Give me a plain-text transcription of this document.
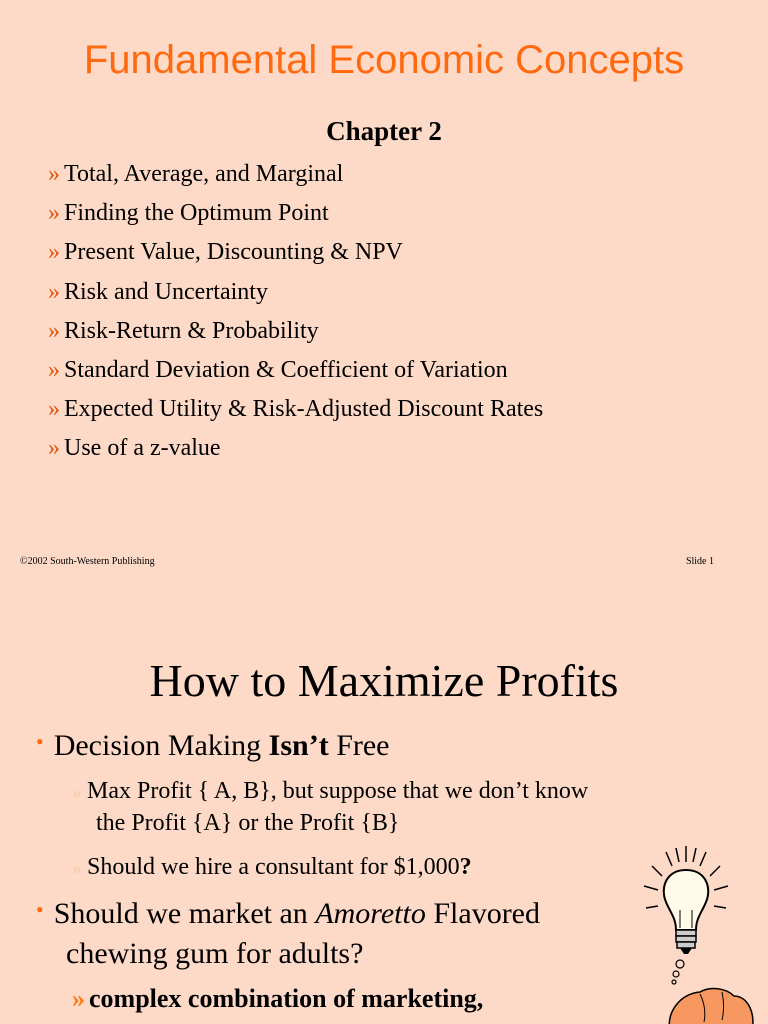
Fundamental Economic Concepts
Chapter 2
» Total, Average, and Marginal
» Finding the Optimum Point
» Present Value, Discounting & NPV
» Risk and Uncertainty
» Risk-Return & Probability
» Standard Deviation & Coefficient of Variation
» Expected Utility & Risk-Adjusted Discount Rates
» Use of a z-value
©2002 South-Western Publishing	Slide 1
How to Maximize Profits
• Decision Making Isn’t Free
» Max Profit { A, B}, but suppose that we don’t know
the Profit {A} or the Profit {B}
» Should we hire a consultant for $1,000?
• Should we market an Amoretto Flavored
chewing gum for adults?
» complex combination of marketing,
